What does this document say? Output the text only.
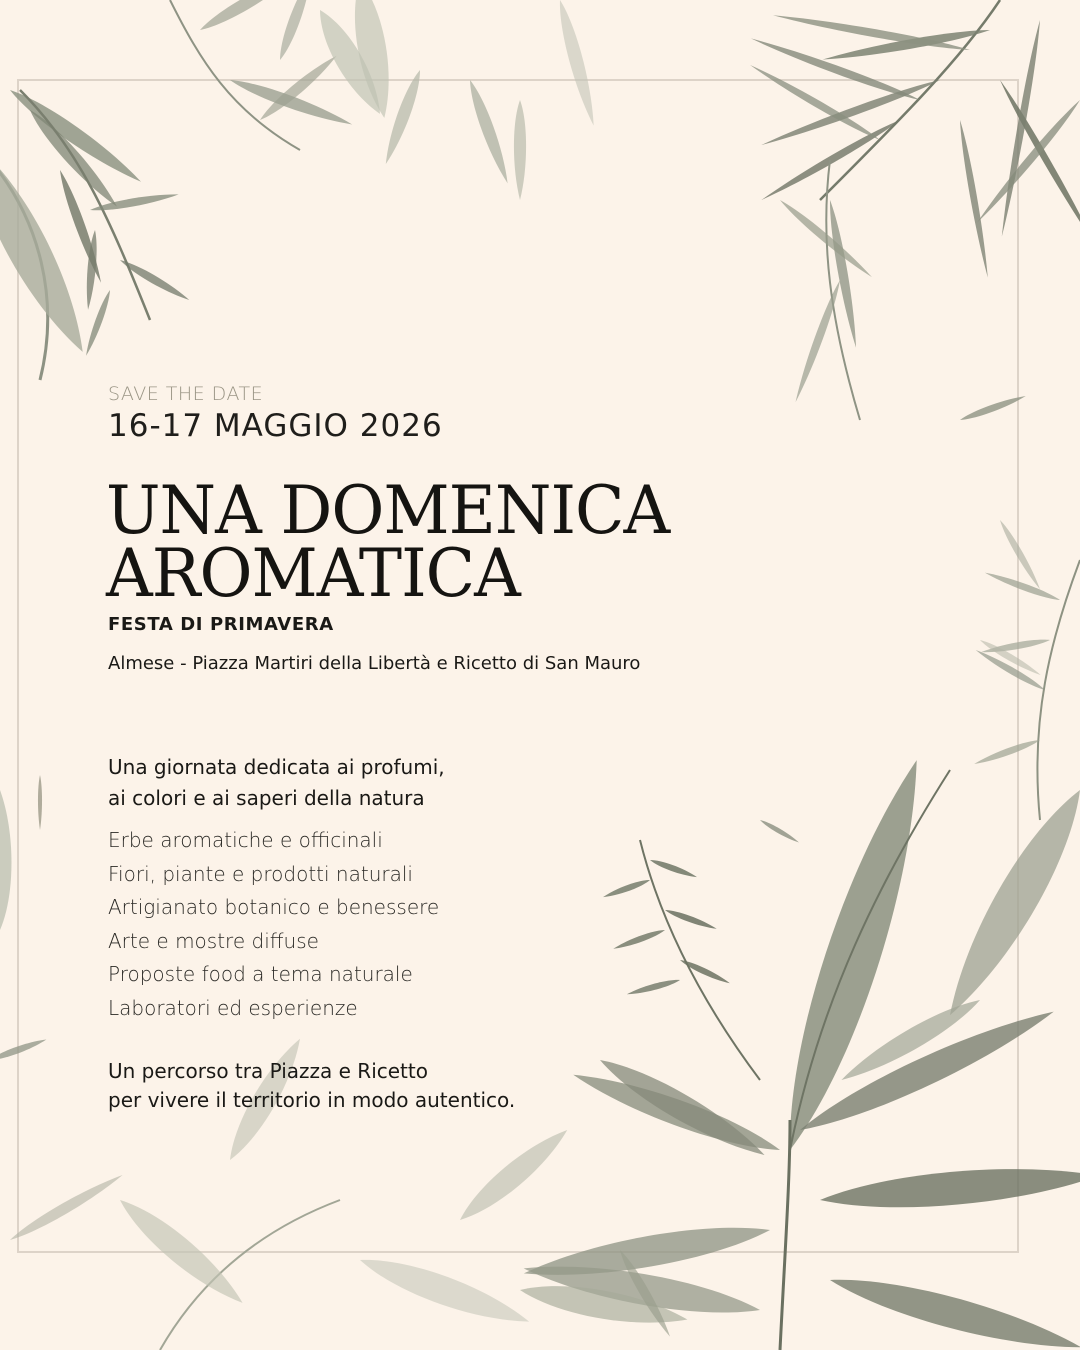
SAVE THE DATE

16-17 MAGGIO 2026

UNA DOMENICA
AROMATICA

FESTA DI PRIMAVERA

Almese - Piazza Martiri della Libertà e Ricetto di San Mauro

Una giornata dedicata ai profumi,
ai colori e ai saperi della natura

Erbe aromatiche e officinali
Fiori, piante e prodotti naturali
Artigianato botanico e benessere
Arte e mostre diffuse
Proposte food a tema naturale
Laboratori ed esperienze

Un percorso tra Piazza e Ricetto
per vivere il territorio in modo autentico.
